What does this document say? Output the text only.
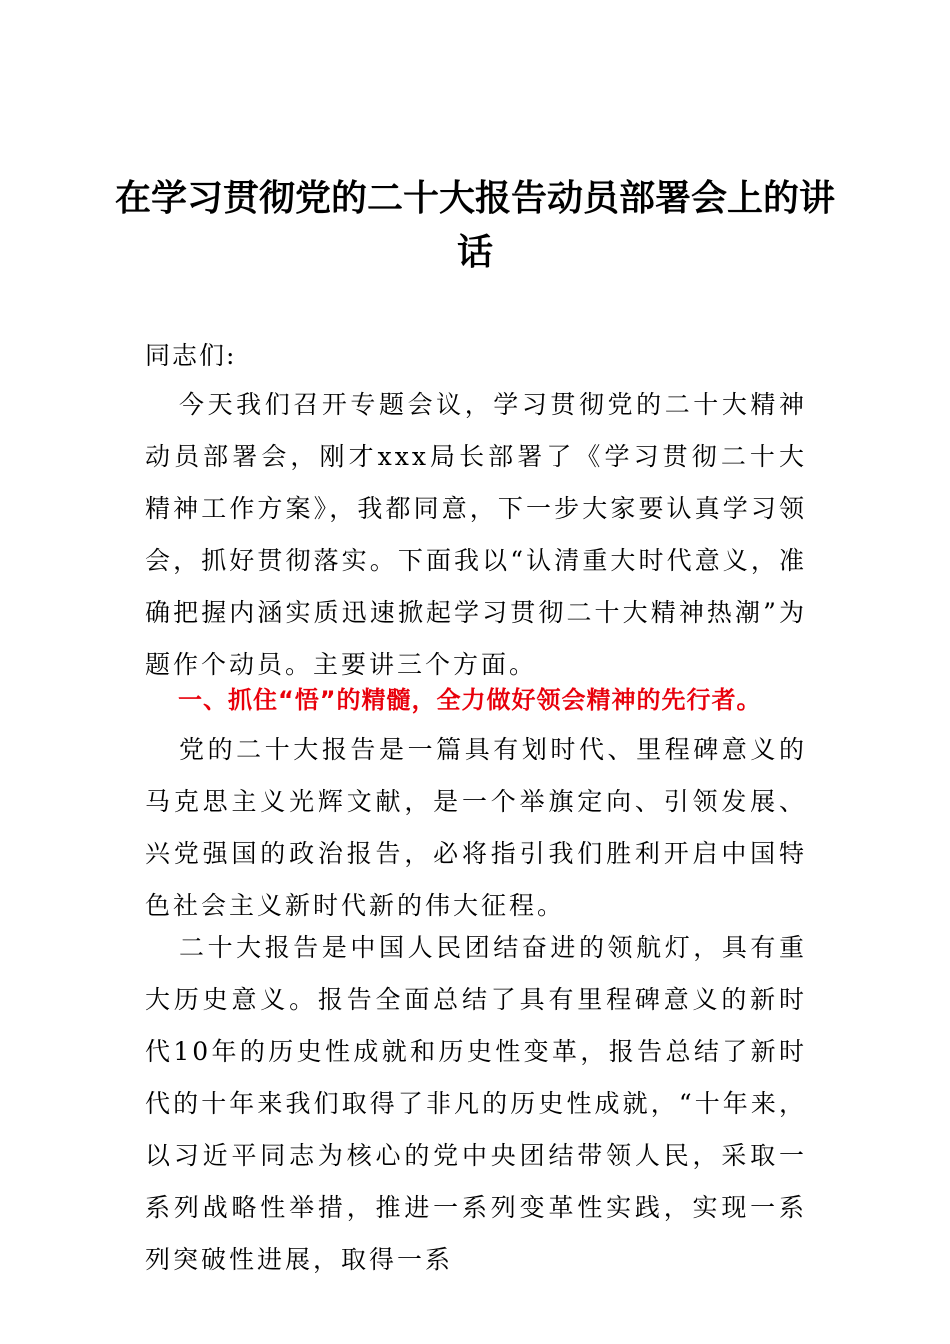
在学习贯彻党的二十大报告动员部署会上的讲话

同志们:

今天我们召开专题会议，学习贯彻党的二十大精神动员部署会，刚才xxx局长部署了《学习贯彻二十大精神工作方案》，我都同意，下一步大家要认真学习领会，抓好贯彻落实。下面我以“认清重大时代意义，准确把握内涵实质迅速掀起学习贯彻二十大精神热潮”为题作个动员。主要讲三个方面。

一、抓住“悟”的精髓，全力做好领会精神的先行者。

党的二十大报告是一篇具有划时代、里程碑意义的马克思主义光辉文献，是一个举旗定向、引领发展、兴党强国的政治报告，必将指引我们胜利开启中国特色社会主义新时代新的伟大征程。

二十大报告是中国人民团结奋进的领航灯，具有重大历史意义。报告全面总结了具有里程碑意义的新时代10年的历史性成就和历史性变革，报告总结了新时代的十年来我们取得了非凡的历史性成就，“十年来，以习近平同志为核心的党中央团结带领人民，采取一系列战略性举措，推进一系列变革性实践，实现一系列突破性进展，取得一系
